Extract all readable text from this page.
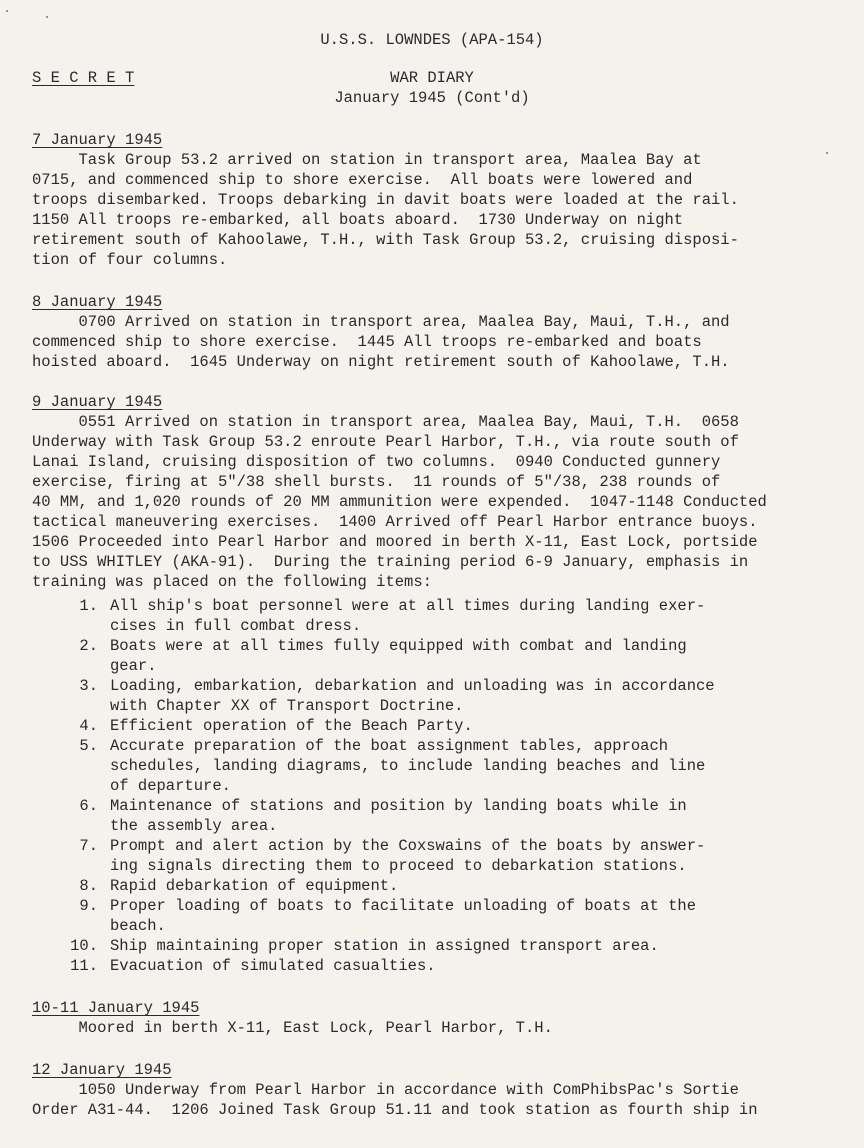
U.S.S. LOWNDES (APA-154)
S E C R E T	WAR DIARY
January 1945 (Cont'd)
7 January 1945
Task Group 53.2 arrived on station in transport area, Maalea Bay at
0715, and commenced ship to shore exercise.  All boats were lowered and
troops disembarked. Troops debarking in davit boats were loaded at the rail.
1150 All troops re-embarked, all boats aboard.  1730 Underway on night
retirement south of Kahoolawe, T.H., with Task Group 53.2, cruising disposi-
tion of four columns.
8 January 1945
0700 Arrived on station in transport area, Maalea Bay, Maui, T.H., and
commenced ship to shore exercise.  1445 All troops re-embarked and boats
hoisted aboard.  1645 Underway on night retirement south of Kahoolawe, T.H.
9 January 1945
0551 Arrived on station in transport area, Maalea Bay, Maui, T.H.  0658
Underway with Task Group 53.2 enroute Pearl Harbor, T.H., via route south of
Lanai Island, cruising disposition of two columns.  0940 Conducted gunnery
exercise, firing at 5"/38 shell bursts.  11 rounds of 5"/38, 238 rounds of
40 MM, and 1,020 rounds of 20 MM ammunition were expended.  1047-1148 Conducted
tactical maneuvering exercises.  1400 Arrived off Pearl Harbor entrance buoys.
1506 Proceeded into Pearl Harbor and moored in berth X-11, East Lock, portside
to USS WHITLEY (AKA-91).  During the training period 6-9 January, emphasis in
training was placed on the following items:
1. All ship's boat personnel were at all times during landing exer-
cises in full combat dress.
2. Boats were at all times fully equipped with combat and landing
gear.
3. Loading, embarkation, debarkation and unloading was in accordance
with Chapter XX of Transport Doctrine.
4. Efficient operation of the Beach Party.
5. Accurate preparation of the boat assignment tables, approach
schedules, landing diagrams, to include landing beaches and line
of departure.
6. Maintenance of stations and position by landing boats while in
the assembly area.
7. Prompt and alert action by the Coxswains of the boats by answer-
ing signals directing them to proceed to debarkation stations.
8. Rapid debarkation of equipment.
9. Proper loading of boats to facilitate unloading of boats at the
beach.
10. Ship maintaining proper station in assigned transport area.
11. Evacuation of simulated casualties.
10-11 January 1945
Moored in berth X-11, East Lock, Pearl Harbor, T.H.
12 January 1945
1050 Underway from Pearl Harbor in accordance with ComPhibsPac's Sortie
Order A31-44.  1206 Joined Task Group 51.11 and took station as fourth ship in
